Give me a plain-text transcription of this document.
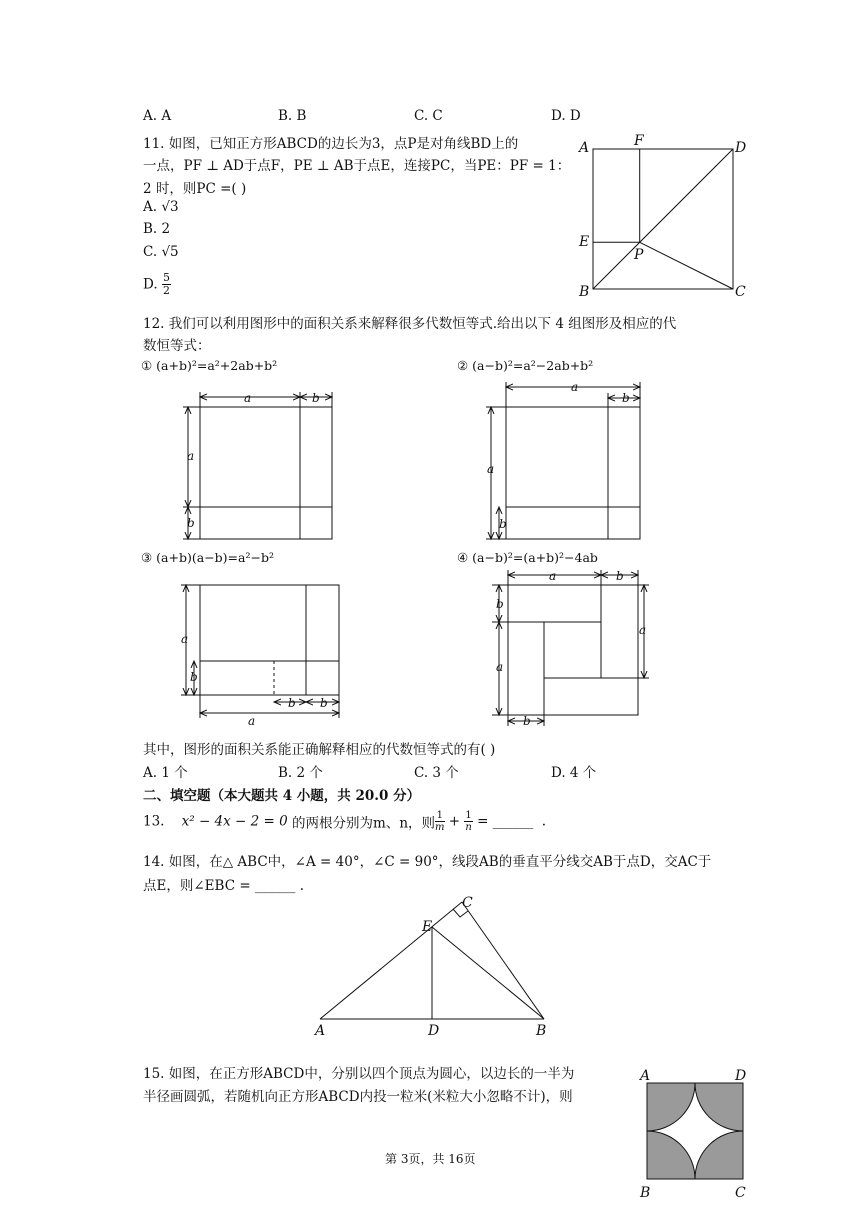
A. A	B. B	C. C	D. D
11. 如图，已知正方形ABCD的边长为3，点P是对角线BD上的
一点，PF ⊥ AD于点F，PE ⊥ AB于点E，连接PC，当PE：PF = 1：
2 时，则PC =( )
A. √3
B. 2
C. √5
D. $\frac{5}{2}$
A	F	D
E
P
B	C
12. 我们可以利用图形中的面积关系来解释很多代数恒等式.给出以下 4 组图形及相应的代
数恒等式：
① (a+b)²=a²+2ab+b²	② (a−b)²=a²−2ab+b²
③ (a+b)(a−b)=a²−b²	④ (a−b)²=(a+b)²−4ab
a	b
a
b
a
b
a
b
a
b
b b
a
a	b
b
a
a
b
其中，图形的面积关系能正确解释相应的代数恒等式的有( )
A. 1 个	B. 2 个	C. 3 个	D. 4 个
二、填空题（本大题共 4 小题，共 20.0 分）
13.    x² − 4x − 2 = 0 的两根分别为m、n，则 $\frac{1}{m} + \frac{1}{n}$ = ______  .
14. 如图，在△ ABC中，∠A = 40°，∠C = 90°，线段AB的垂直平分线交AB于点D，交AC于
点E，则∠EBC = ______ .
A	D	B
E
C
15. 如图，在正方形ABCD中，分别以四个顶点为圆心，以边长的一半为
半径画圆弧，若随机向正方形ABCD内投一粒米(米粒大小忽略不计)，则
A	D
B	C
第 3页，共 16页
